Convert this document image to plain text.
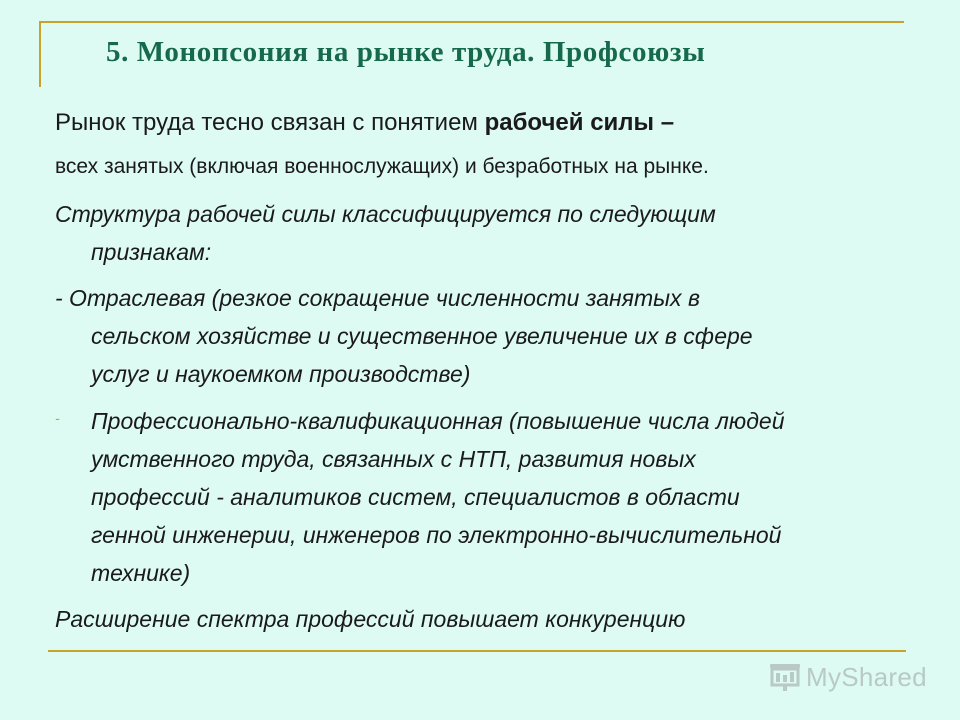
5. Монопсония на рынке труда. Профсоюзы
Рынок труда тесно связан с понятием рабочей силы –
всех занятых (включая военнослужащих) и безработных на рынке.
Структура рабочей силы классифицируется по следующим
признакам:
- Отраслевая (резкое сокращение численности занятых в
сельском хозяйстве и существенное увеличение их в сфере
услуг и наукоемком производстве)
- Профессионально-квалификационная (повышение числа людей
умственного труда, связанных с НТП, развития новых
профессий - аналитиков систем, специалистов в области
генной инженерии, инженеров по электронно-вычислительной
технике)
Расширение спектра профессий повышает конкуренцию
MyShared
